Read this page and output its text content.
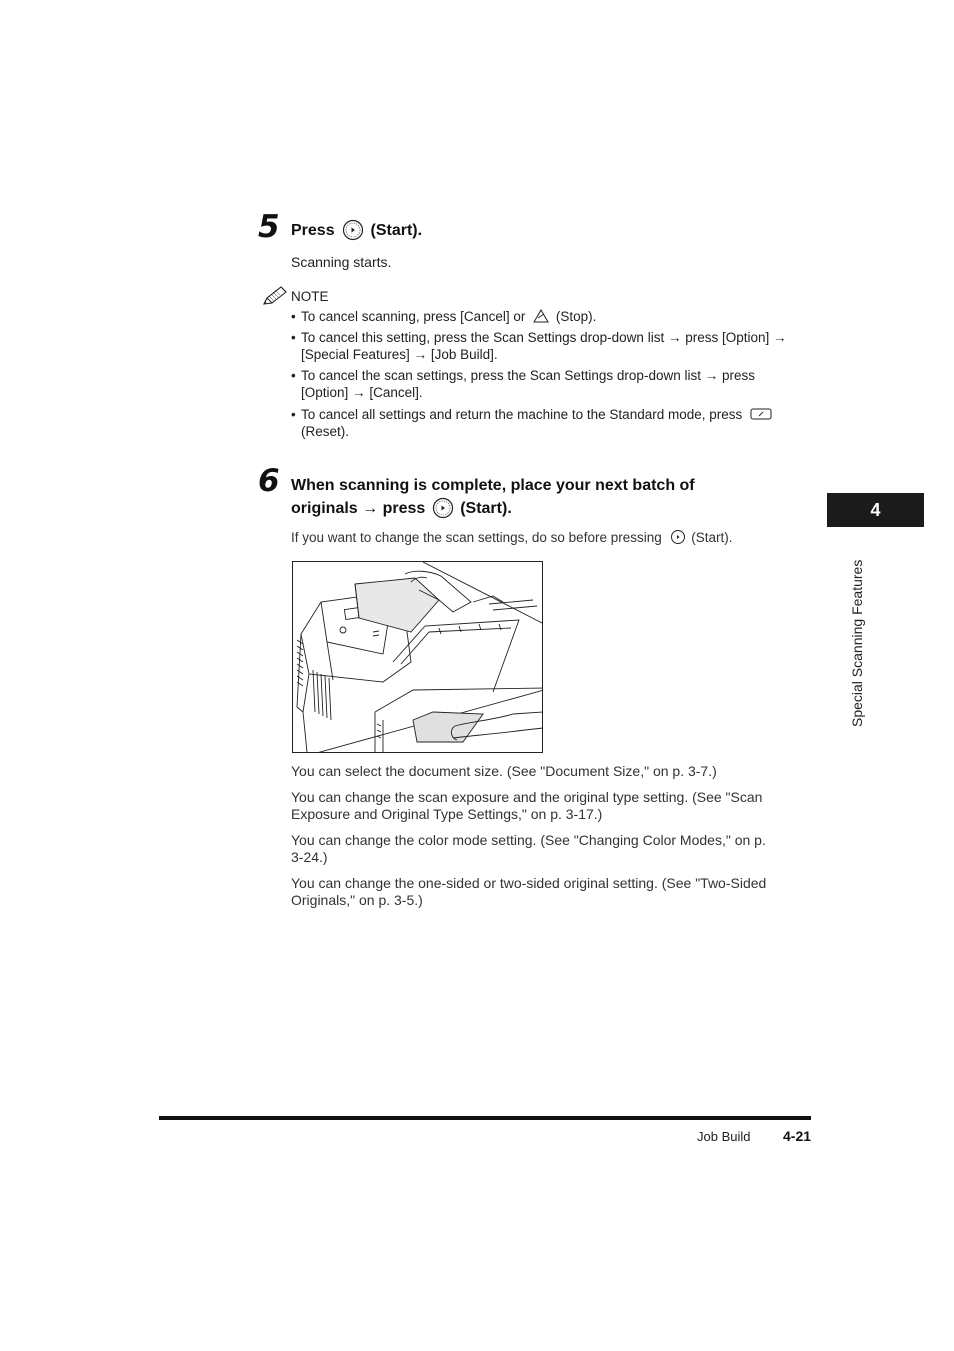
5 Press (Start).
Scanning starts.
NOTE
• To cancel scanning, press [Cancel] or (Stop).
• To cancel this setting, press the Scan Settings drop-down list → press [Option] →
[Special Features] → [Job Build].
• To cancel the scan settings, press the Scan Settings drop-down list → press
[Option] → [Cancel].
• To cancel all settings and return the machine to the Standard mode, press
(Reset).
6 When scanning is complete, place your next batch of
originals → press (Start).
If you want to change the scan settings, do so before pressing (Start).
You can select the document size. (See "Document Size," on p. 3-7.)
You can change the scan exposure and the original type setting. (See "Scan Exposure and Original Type Settings," on p. 3-17.)
You can change the color mode setting. (See "Changing Color Modes," on p. 3-24.)
You can change the one-sided or two-sided original setting. (See "Two-Sided Originals," on p. 3-5.)
4
Special Scanning Features
Job Build 4-21
